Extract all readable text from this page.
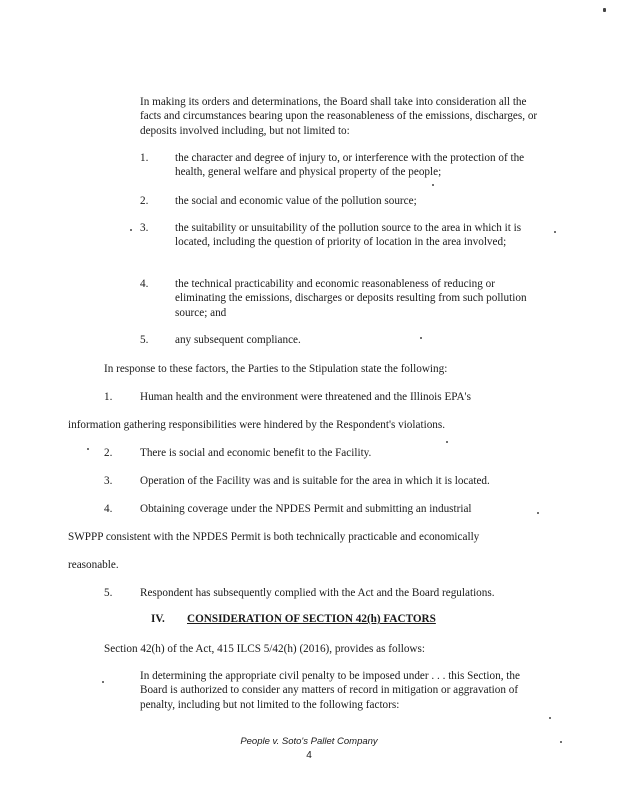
In making its orders and determinations, the Board shall take into consideration all the facts and circumstances bearing upon the reasonableness of the emissions, discharges, or deposits involved including, but not limited to:
1. the character and degree of injury to, or interference with the protection of the health, general welfare and physical property of the people;
2. the social and economic value of the pollution source;
3. the suitability or unsuitability of the pollution source to the area in which it is located, including the question of priority of location in the area involved;
4. the technical practicability and economic reasonableness of reducing or eliminating the emissions, discharges or deposits resulting from such pollution source; and
5. any subsequent compliance.
In response to these factors, the Parties to the Stipulation state the following:
1. Human health and the environment were threatened and the Illinois EPA's
information gathering responsibilities were hindered by the Respondent's violations.
2. There is social and economic benefit to the Facility.
3. Operation of the Facility was and is suitable for the area in which it is located.
4. Obtaining coverage under the NPDES Permit and submitting an industrial
SWPPP consistent with the NPDES Permit is both technically practicable and economically
reasonable.
5. Respondent has subsequently complied with the Act and the Board regulations.
IV. CONSIDERATION OF SECTION 42(h) FACTORS
Section 42(h) of the Act, 415 ILCS 5/42(h) (2016), provides as follows:
In determining the appropriate civil penalty to be imposed under . . . this Section, the Board is authorized to consider any matters of record in mitigation or aggravation of penalty, including but not limited to the following factors:
People v. Soto's Pallet Company
4
